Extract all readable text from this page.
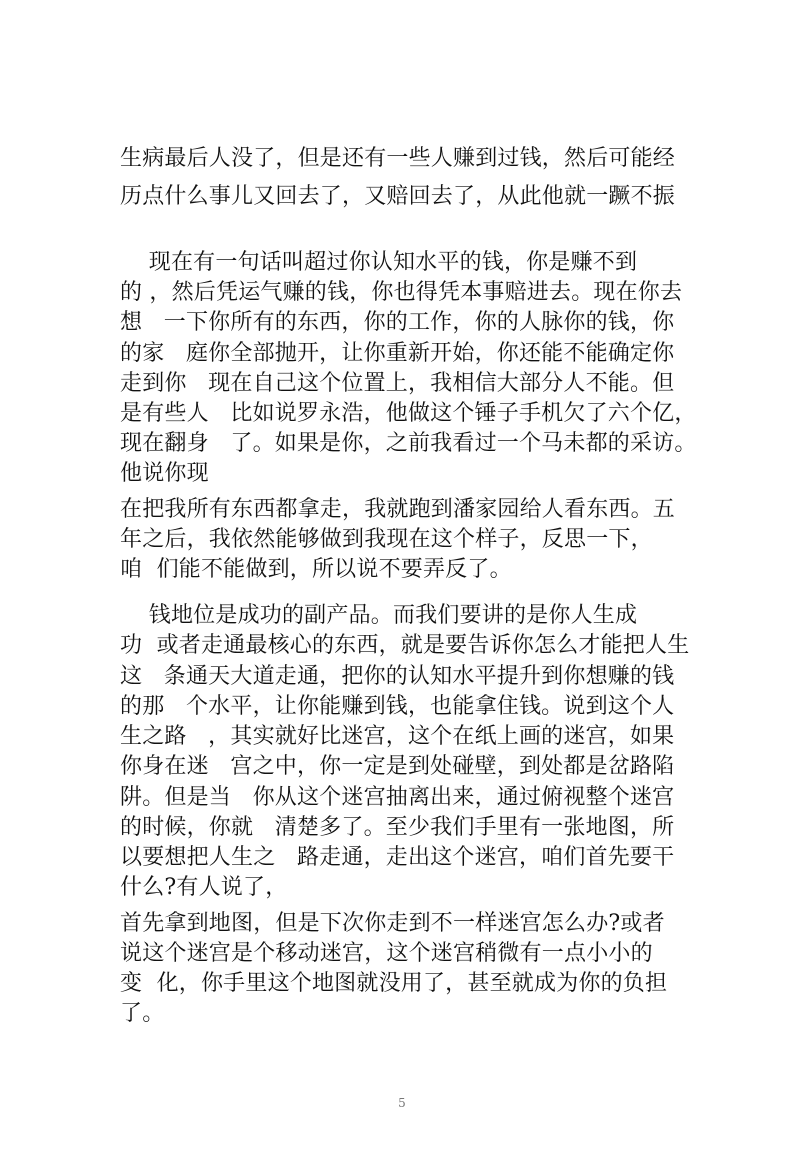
生病最后人没了，但是还有一些人赚到过钱，然后可能经
历点什么事儿又回去了，又赔回去了，从此他就一蹶不振
现在有一句话叫超过你认知水平的钱，你是赚不到
的 ，然后凭运气赚的钱，你也得凭本事赔进去。现在你去
想   一下你所有的东西，你的工作，你的人脉你的钱，你
的家   庭你全部抛开，让你重新开始，你还能不能确定你
走到你   现在自己这个位置上，我相信大部分人不能。但
是有些人   比如说罗永浩，他做这个锤子手机欠了六个亿，
现在翻身   了。如果是你，之前我看过一个马未都的采访。
他说你现
在把我所有东西都拿走，我就跑到潘家园给人看东西。五
年之后，我依然能够做到我现在这个样子，反思一下，
咱  们能不能做到，所以说不要弄反了。
钱地位是成功的副产品。而我们要讲的是你人生成
功  或者走通最核心的东西，就是要告诉你怎么才能把人生
这   条通天大道走通，把你的认知水平提升到你想赚的钱
的那   个水平，让你能赚到钱，也能拿住钱。说到这个人
生之路   ，其实就好比迷宫，这个在纸上画的迷宫，如果
你身在迷   宫之中，你一定是到处碰壁，到处都是岔路陷
阱。但是当   你从这个迷宫抽离出来，通过俯视整个迷宫
的时候，你就   清楚多了。至少我们手里有一张地图，所
以要想把人生之   路走通，走出这个迷宫，咱们首先要干
什么?有人说了，
首先拿到地图，但是下次你走到不一样迷宫怎么办?或者
说这个迷宫是个移动迷宫，这个迷宫稍微有一点小小的
变  化，你手里这个地图就没用了，甚至就成为你的负担
了。
5
